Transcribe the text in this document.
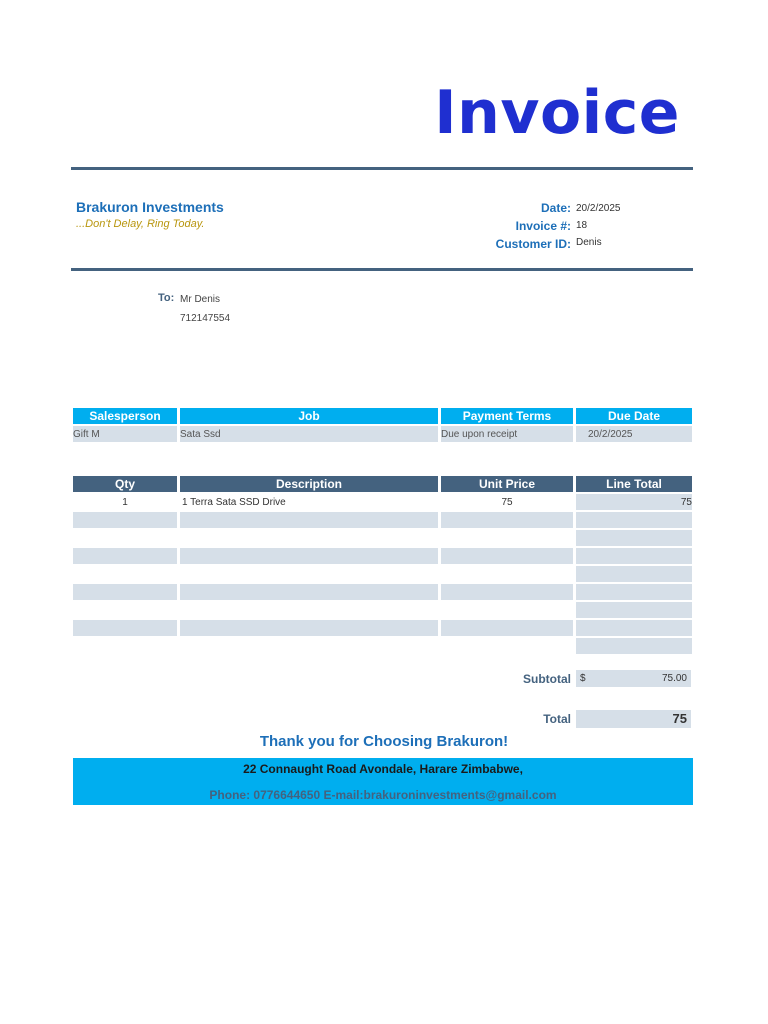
Invoice
Brakuron Investments
...Don't Delay, Ring Today.
Date: 20/2/2025
Invoice #: 18
Customer ID: Denis
To: Mr Denis
712147554
Salesperson	Job	Payment Terms	Due Date
Gift M	Sata Ssd	Due upon receipt	20/2/2025
Qty	Description	Unit Price	Line Total
1	1 Terra Sata SSD Drive	75	75

Subtotal $	75.00
Total	75
Thank you for Choosing Brakuron!
22 Connaught Road Avondale, Harare Zimbabwe,
Phone: 0776644650 E-mail:brakuroninvestments@gmail.com
